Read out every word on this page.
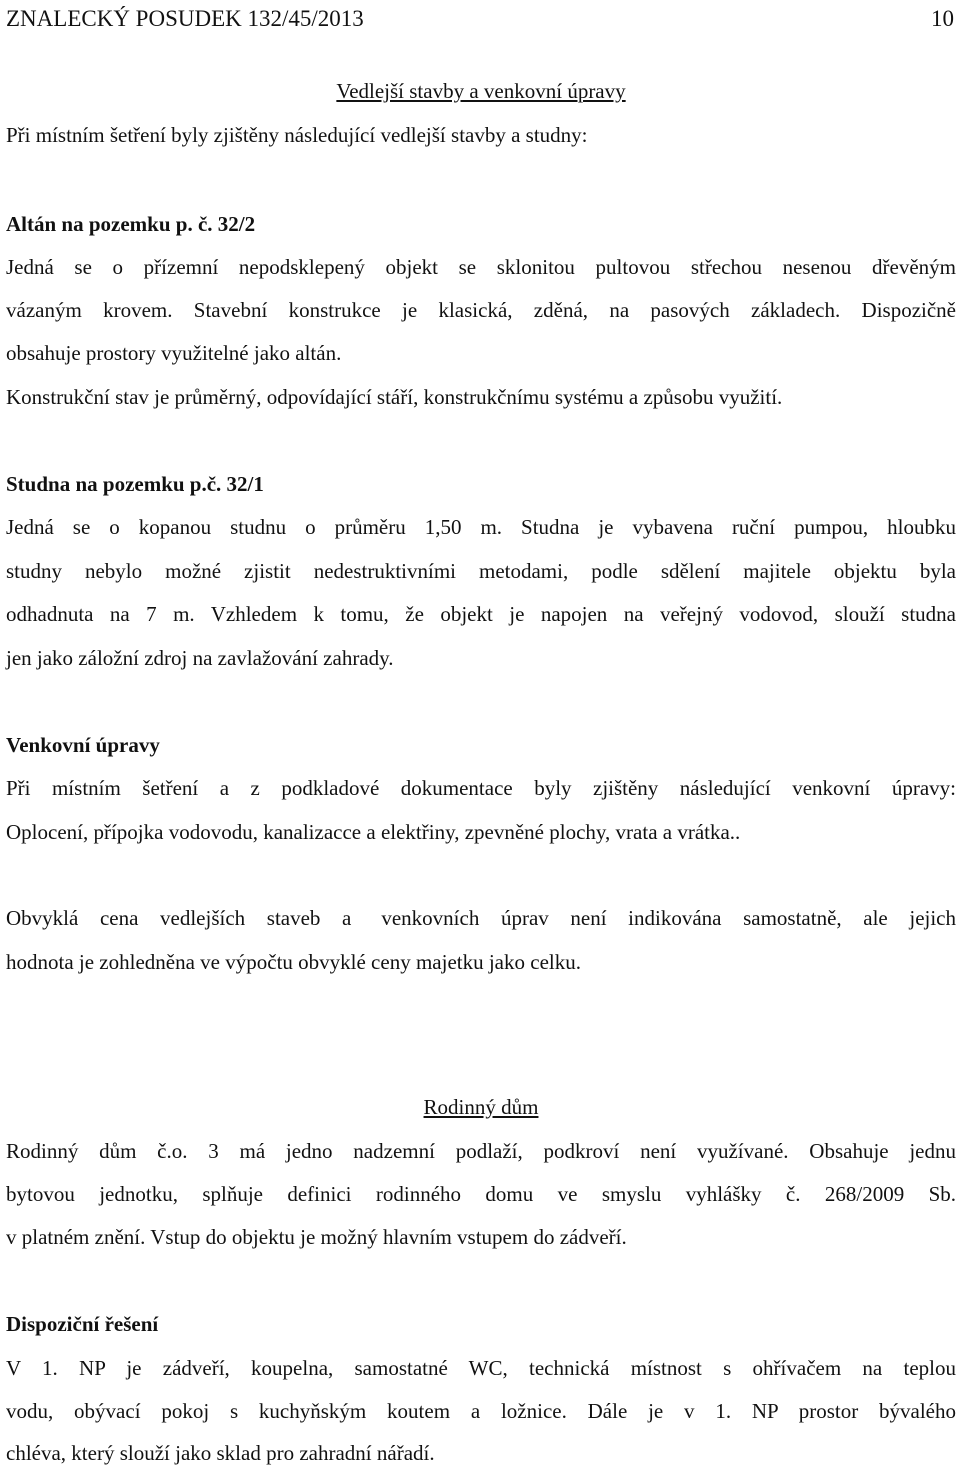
ZNALECKÝ POSUDEK 132/45/2013	10
Vedlejší stavby a venkovní úpravy
Při místním šetření byly zjištěny následující vedlejší stavby a studny:
Altán na pozemku p. č. 32/2
Jedná se o přízemní nepodsklepený objekt se sklonitou pultovou střechou nesenou dřevěným
vázaným krovem. Stavební konstrukce je klasická, zděná, na pasových základech. Dispozičně
obsahuje prostory využitelné jako altán.
Konstrukční stav je průměrný, odpovídající stáří, konstrukčnímu systému a způsobu využití.
Studna na pozemku p.č. 32/1
Jedná se o kopanou studnu o průměru 1,50 m. Studna je vybavena ruční pumpou, hloubku
studny nebylo možné zjistit nedestruktivními metodami, podle sdělení majitele objektu byla
odhadnuta na 7 m. Vzhledem k tomu, že objekt je napojen na veřejný vodovod, slouží studna
jen jako záložní zdroj na zavlažování zahrady.
Venkovní úpravy
Při místním šetření a z podkladové dokumentace byly zjištěny následující venkovní úpravy:
Oplocení, přípojka vodovodu, kanalizacce a elektřiny, zpevněné plochy, vrata a vrátka..
Obvyklá cena vedlejších staveb a venkovních úprav není indikována samostatně, ale jejich
hodnota je zohledněna ve výpočtu obvyklé ceny majetku jako celku.
Rodinný dům
Rodinný dům č.o. 3 má jedno nadzemní podlaží, podkroví není využívané. Obsahuje jednu
bytovou jednotku, splňuje definici rodinného domu ve smyslu vyhlášky č. 268/2009 Sb.
v platném znění. Vstup do objektu je možný hlavním vstupem do zádveří.
Dispoziční řešení
V 1. NP je zádveří, koupelna, samostatné WC, technická místnost s ohřívačem na teplou
vodu, obývací pokoj s kuchyňským koutem a ložnice. Dále je v 1. NP prostor bývalého
chléva, který slouží jako sklad pro zahradní nářadí.
